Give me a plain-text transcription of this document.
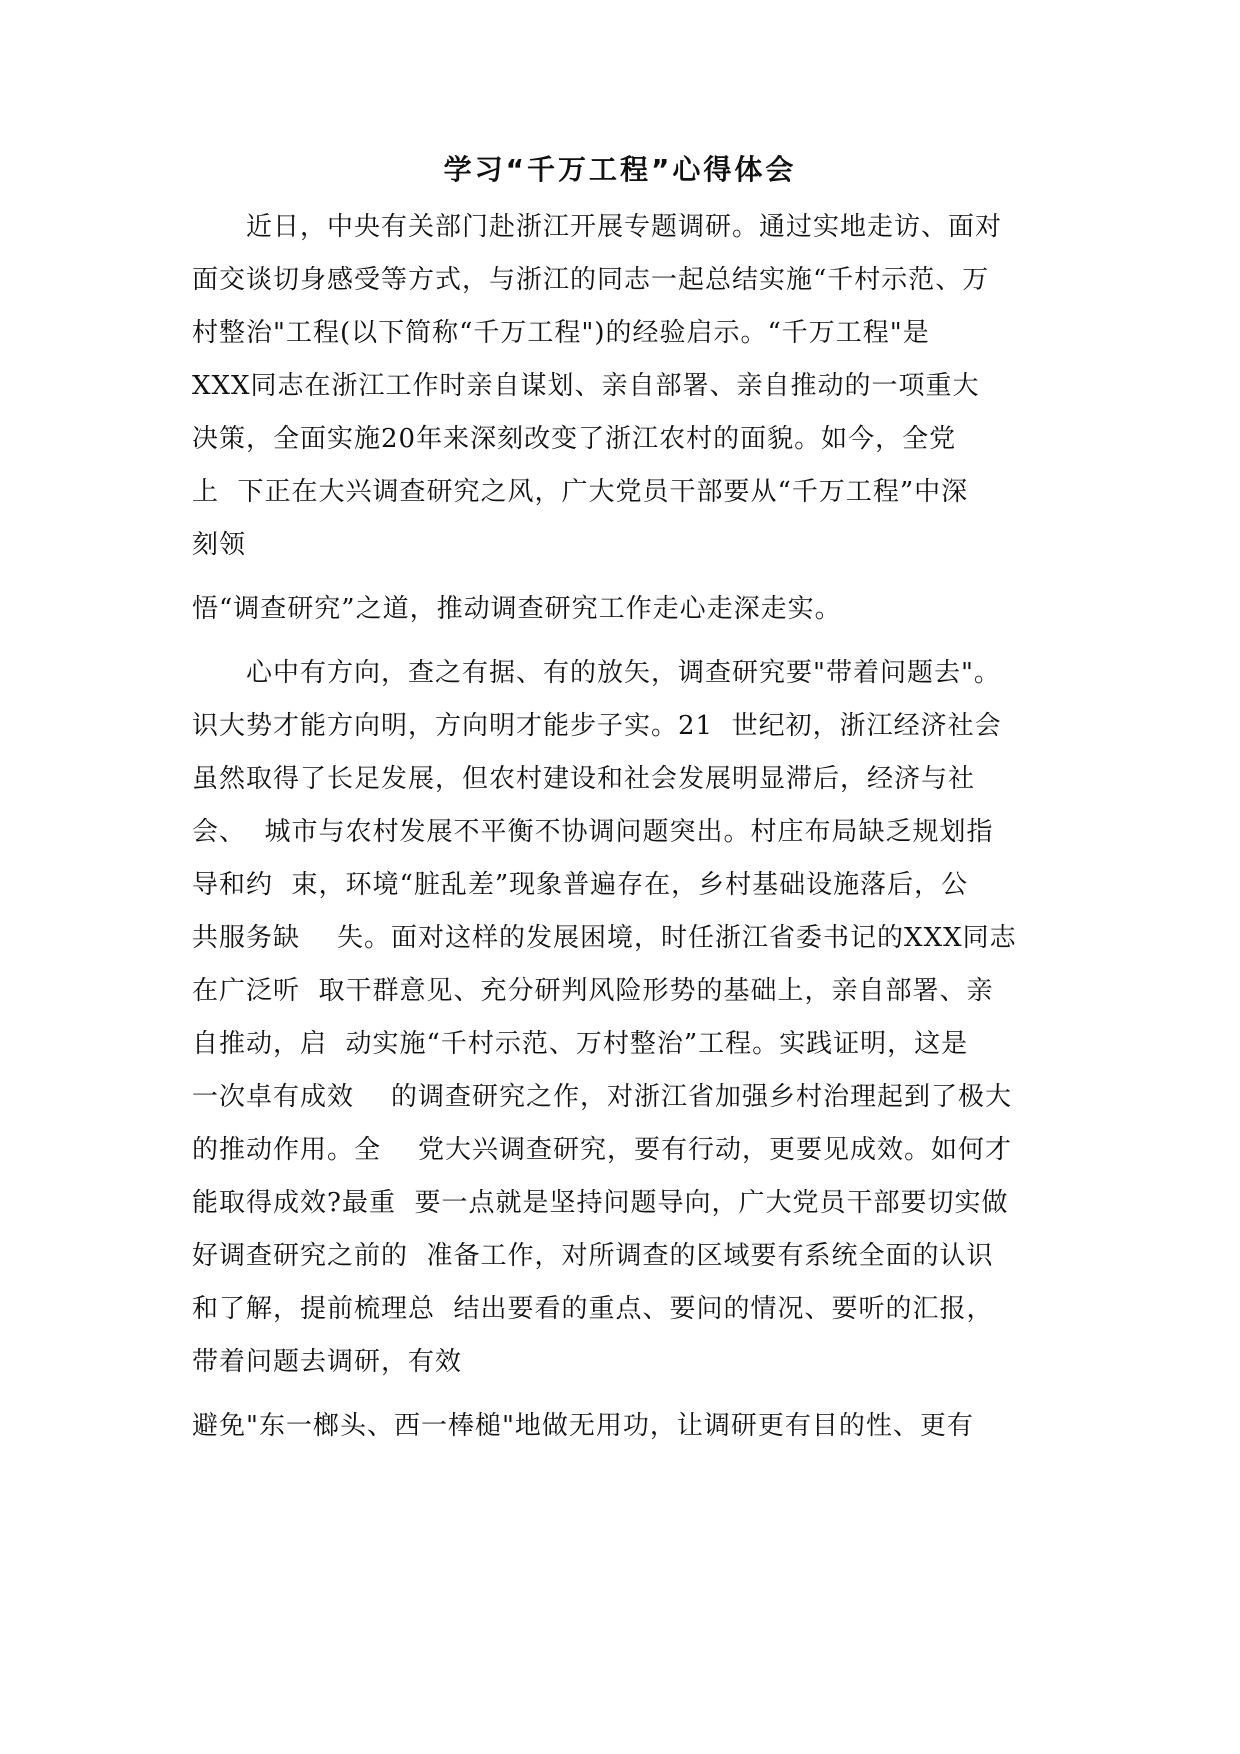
学习“千万工程”心得体会

　　近日，中央有关部门赴浙江开展专题调研。通过实地走访、面对

面交谈切身感受等方式，与浙江的同志一起总结实施“千村示范、万

村整治"工程(以下简称“千万工程")的经验启示。“千万工程"是

XXX同志在浙江工作时亲自谋划、亲自部署、亲自推动的一项重大

决策，全面实施20年来深刻改变了浙江农村的面貌。如今，全党

上  下正在大兴调查研究之风，广大党员干部要从“千万工程”中深

刻领

悟“调查研究”之道，推动调查研究工作走心走深走实。

　　心中有方向，查之有据、有的放矢，调查研究要"带着问题去"。

识大势才能方向明，方向明才能步子实。21  世纪初，浙江经济社会

虽然取得了长足发展，但农村建设和社会发展明显滞后，经济与社

会、  城市与农村发展不平衡不协调问题突出。村庄布局缺乏规划指

导和约  束，环境“脏乱差”现象普遍存在，乡村基础设施落后，公

共服务缺    失。面对这样的发展困境，时任浙江省委书记的XXX同志

在广泛听  取干群意见、充分研判风险形势的基础上，亲自部署、亲

自推动，启  动实施“千村示范、万村整治”工程。实践证明，这是

一次卓有成效    的调查研究之作，对浙江省加强乡村治理起到了极大

的推动作用。全    党大兴调查研究，要有行动，更要见成效。如何才

能取得成效?最重  要一点就是坚持问题导向，广大党员干部要切实做

好调查研究之前的  准备工作，对所调查的区域要有系统全面的认识

和了解，提前梳理总  结出要看的重点、要问的情况、要听的汇报，

带着问题去调研，有效

避免"东一榔头、西一棒槌"地做无用功，让调研更有目的性、更有
